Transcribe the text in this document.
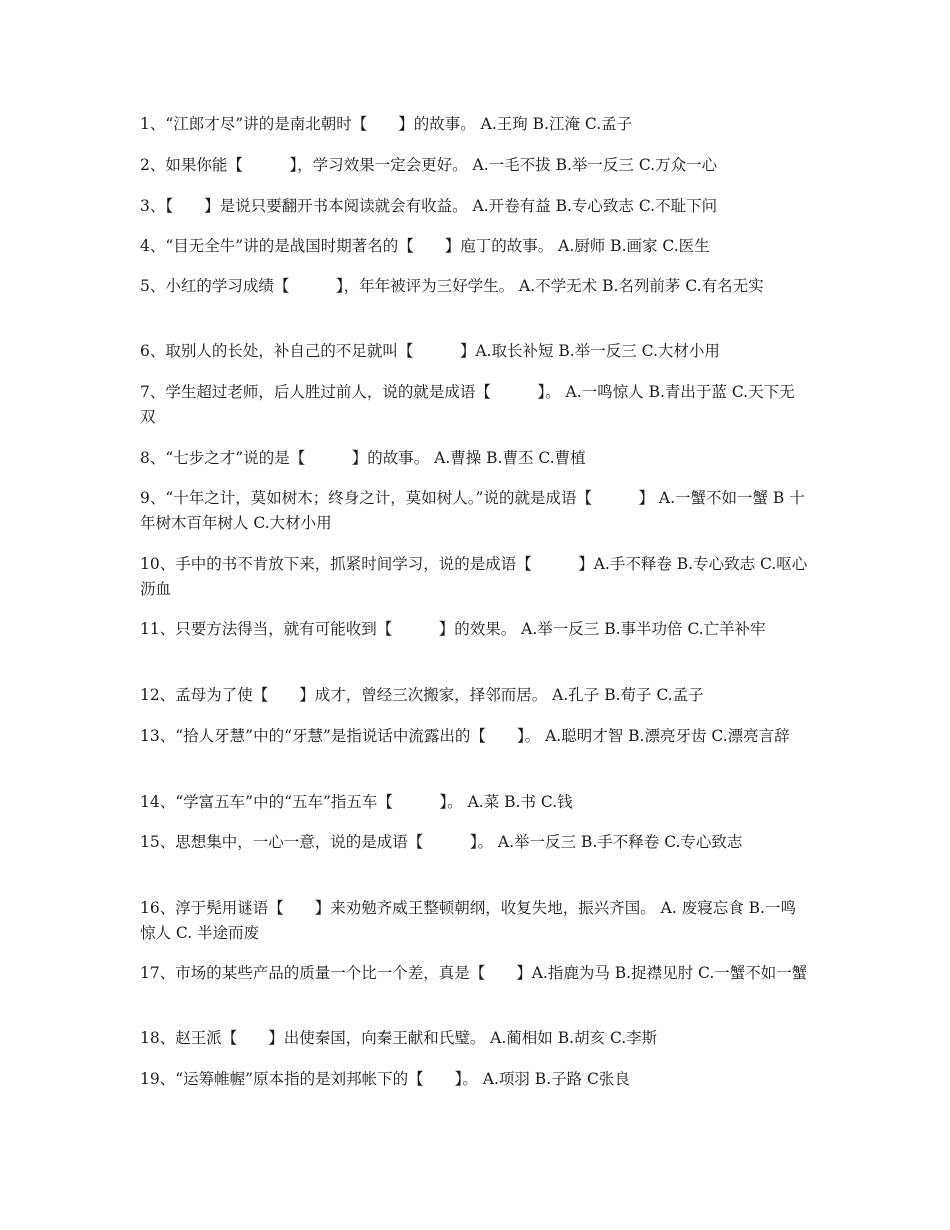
1、“江郎才尽”讲的是南北朝时【　　】的故事。 A.王珣 B.江淹 C.孟子
2、如果你能【　　　】，学习效果一定会更好。 A.一毛不拔 B.举一反三 C.万众一心
3、【　　】是说只要翻开书本阅读就会有收益。 A.开卷有益 B.专心致志 C.不耻下问
4、“目无全牛”讲的是战国时期著名的【　　】庖丁的故事。 A.厨师 B.画家 C.医生
5、小红的学习成绩【　　　】，年年被评为三好学生。 A.不学无术 B.名列前茅 C.有名无实
6、取别人的长处，补自己的不足就叫【　　　】A.取长补短 B.举一反三 C.大材小用
7、学生超过老师，后人胜过前人，说的就是成语【　　　】。 A.一鸣惊人 B.青出于蓝 C.天下无双
8、“七步之才”说的是【　　　】的故事。 A.曹操 B.曹丕 C.曹植
9、“十年之计，莫如树木；终身之计，莫如树人。”说的就是成语【　　　】 A.一蟹不如一蟹 B 十年树木百年树人 C.大材小用
10、手中的书不肯放下来，抓紧时间学习，说的是成语【　　　】A.手不释卷 B.专心致志 C.呕心沥血
11、只要方法得当，就有可能收到【　　　】的效果。 A.举一反三 B.事半功倍 C.亡羊补牢
12、孟母为了使【　　】成才，曾经三次搬家，择邻而居。 A.孔子 B.荀子 C.孟子
13、“拾人牙慧”中的“牙慧”是指说话中流露出的【　　】。 A.聪明才智 B.漂亮牙齿 C.漂亮言辞
14、“学富五车”中的“五车”指五车【　　　】。 A.菜 B.书 C.钱
15、思想集中，一心一意，说的是成语【　　　】。 A.举一反三 B.手不释卷 C.专心致志
16、淳于髡用谜语【　　】来劝勉齐威王整顿朝纲，收复失地，振兴齐国。 A. 废寝忘食 B.一鸣惊人 C. 半途而废
17、市场的某些产品的质量一个比一个差，真是【　　】A.指鹿为马 B.捉襟见肘 C.一蟹不如一蟹
18、赵王派【　　】出使秦国，向秦王献和氏璧。 A.蔺相如 B.胡亥 C.李斯
19、“运筹帷幄”原本指的是刘邦帐下的【　　】。 A.项羽 B.子路 C张良
